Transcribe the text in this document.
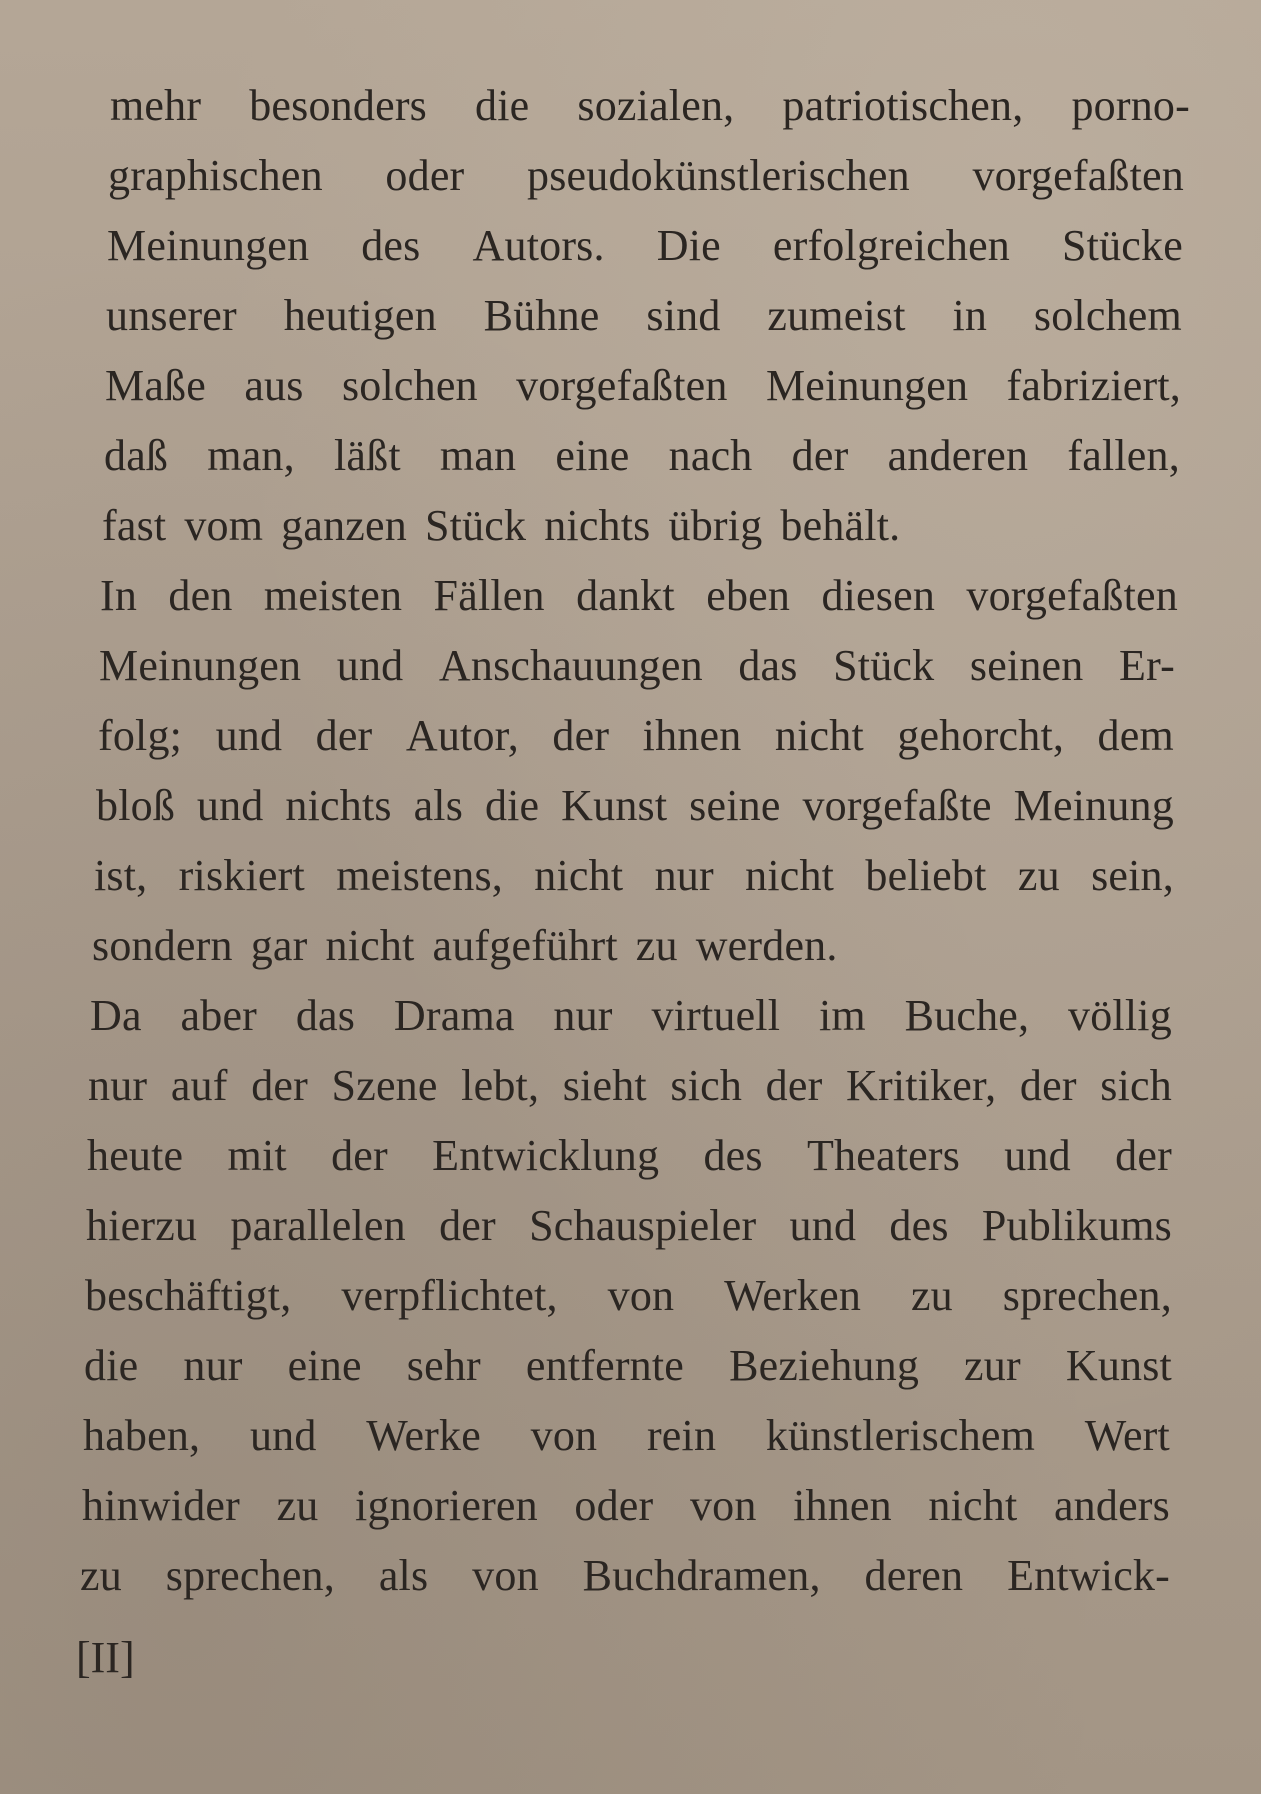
mehr besonders die sozialen, patriotischen, porno-
graphischen oder pseudokünstlerischen vorgefaßten
Meinungen des Autors. Die erfolgreichen Stücke
unserer heutigen Bühne sind zumeist in solchem
Maße aus solchen vorgefaßten Meinungen fabriziert,
daß man, läßt man eine nach der anderen fallen,
fast vom ganzen Stück nichts übrig behält.
In den meisten Fällen dankt eben diesen vorgefaßten
Meinungen und Anschauungen das Stück seinen Er-
folg; und der Autor, der ihnen nicht gehorcht, dem
bloß und nichts als die Kunst seine vorgefaßte Meinung
ist, riskiert meistens, nicht nur nicht beliebt zu sein,
sondern gar nicht aufgeführt zu werden.
Da aber das Drama nur virtuell im Buche, völlig
nur auf der Szene lebt, sieht sich der Kritiker, der sich
heute mit der Entwicklung des Theaters und der
hierzu parallelen der Schauspieler und des Publikums
beschäftigt, verpflichtet, von Werken zu sprechen,
die nur eine sehr entfernte Beziehung zur Kunst
haben, und Werke von rein künstlerischem Wert
hinwider zu ignorieren oder von ihnen nicht anders
zu sprechen, als von Buchdramen, deren Entwick-
[II]
